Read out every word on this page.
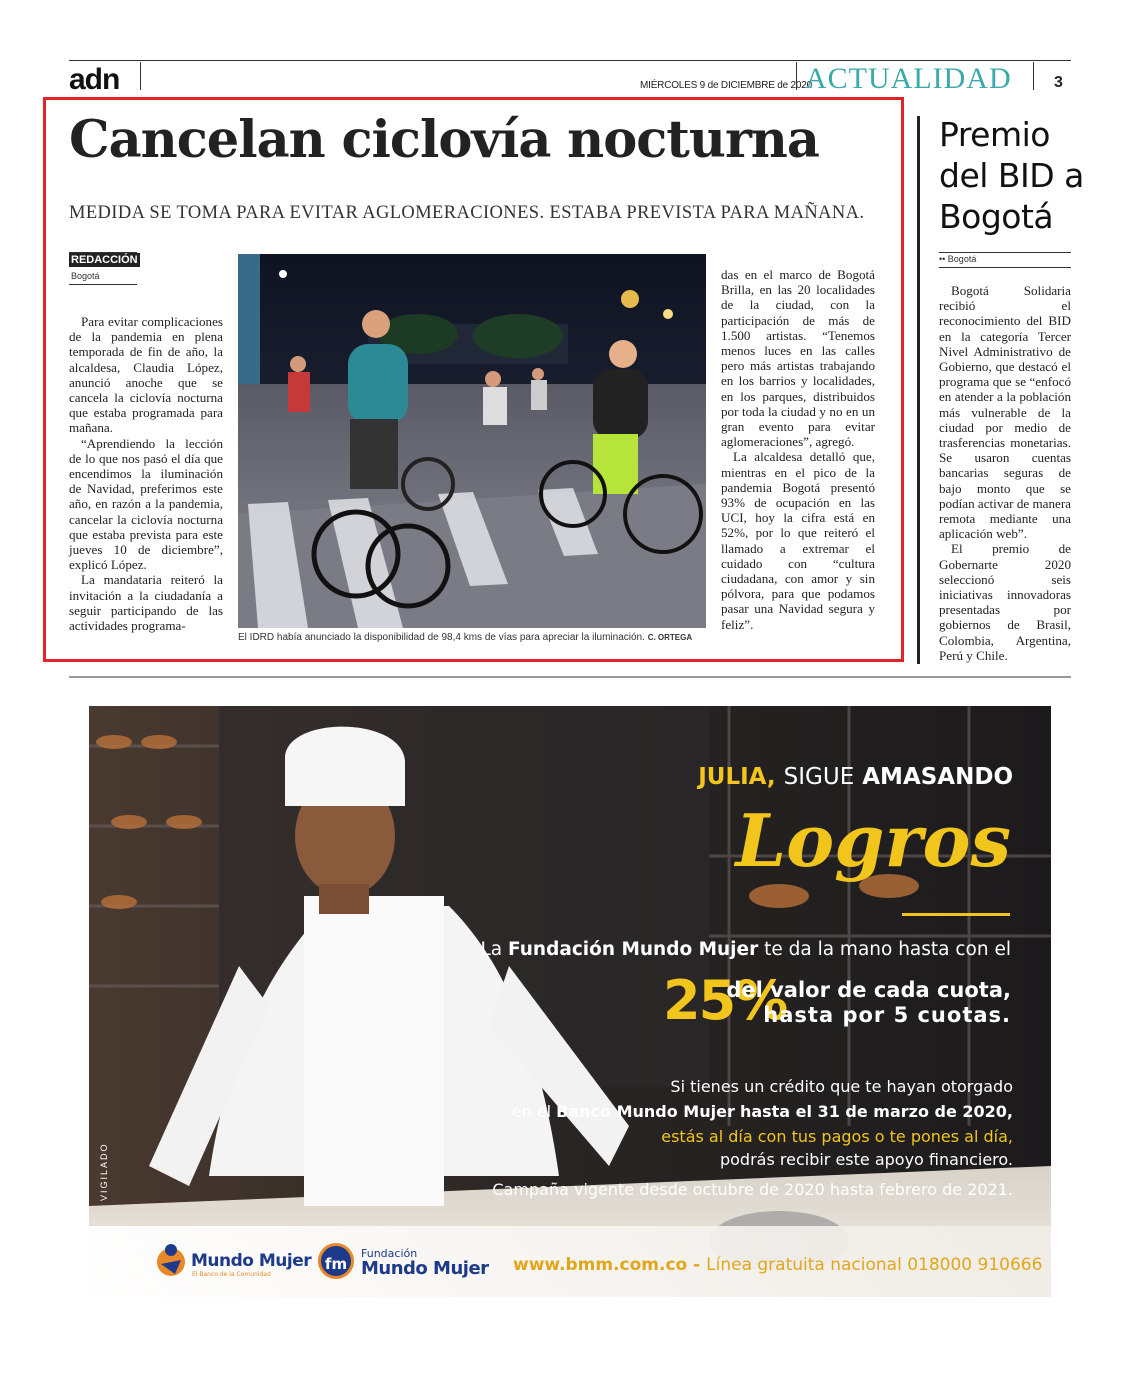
adn	MIÉRCOLES 9 de DICIEMBRE de 2020
ACTUALIDAD	3
Cancelan ciclovía nocturna
MEDIDA SE TOMA PARA EVITAR AGLOMERACIONES. ESTABA PREVISTA PARA MAÑANA.
REDACCIÓN
Bogotá

Para evitar complicaciones de la pandemia en plena temporada de fin de año, la alcaldesa, Claudia López, anunció anoche que se cancela la ciclovía nocturna que estaba programada para mañana.

“Aprendiendo la lección de lo que nos pasó el día que encendimos la iluminación de Navidad, preferimos este año, en razón a la pandemia, cancelar la ciclovía nocturna que estaba prevista para este jueves 10 de diciembre”, explicó López.

La mandataria reiteró la invitación a la ciudadanía a seguir participando de las actividades programa-

El IDRD había anunciado la disponibilidad de 98,4 kms de vías para apreciar la iluminación. C. ORTEGA

das en el marco de Bogotá Brilla, en las 20 localidades de la ciudad, con la participación de más de 1.500 artistas. “Tenemos menos luces en las calles pero más artistas trabajando en los barrios y localidades, en los parques, distribuidos por toda la ciudad y no en un gran evento para evitar aglomeraciones”, agregó.

La alcaldesa detalló que, mientras en el pico de la pandemia Bogotá presentó 93% de ocupación en las UCI, hoy la cifra está en 52%, por lo que reiteró el llamado a extremar el cuidado con “cultura ciudadana, con amor y sin pólvora, para que podamos pasar una Navidad segura y feliz”.

Premio
del BID a
Bogotá
•• Bogotá

Bogotá Solidaria recibió el reconocimiento del BID en la categoría Tercer Nivel Administrativo de Gobierno, que destacó el programa que se “enfocó en atender a la población más vulnerable de la ciudad por medio de trasferencias monetarias. Se usaron cuentas bancarias seguras de bajo monto que se podían activar de manera remota mediante una aplicación web”.

El premio de Gobernarte 2020 seleccionó seis iniciativas innovadoras presentadas por gobiernos de Brasil, Colombia, Argentina, Perú y Chile.

JULIA, SIGUE AMASANDO
Logros
La Fundación Mundo Mujer te da la mano hasta con el
25%
del valor de cada cuota,
hasta por 5 cuotas.
Si tienes un crédito que te hayan otorgado
en el Banco Mundo Mujer hasta el 31 de marzo de 2020,
estás al día con tus pagos o te pones al día,
podrás recibir este apoyo financiero.
Campaña vigente desde octubre de 2020 hasta febrero de 2021.
Mundo Mujer
El Banco de la Comunidad
fm
Fundación
Mundo Mujer www.bmm.com.co - Línea gratuita nacional 018000 910666
VIGILADO
